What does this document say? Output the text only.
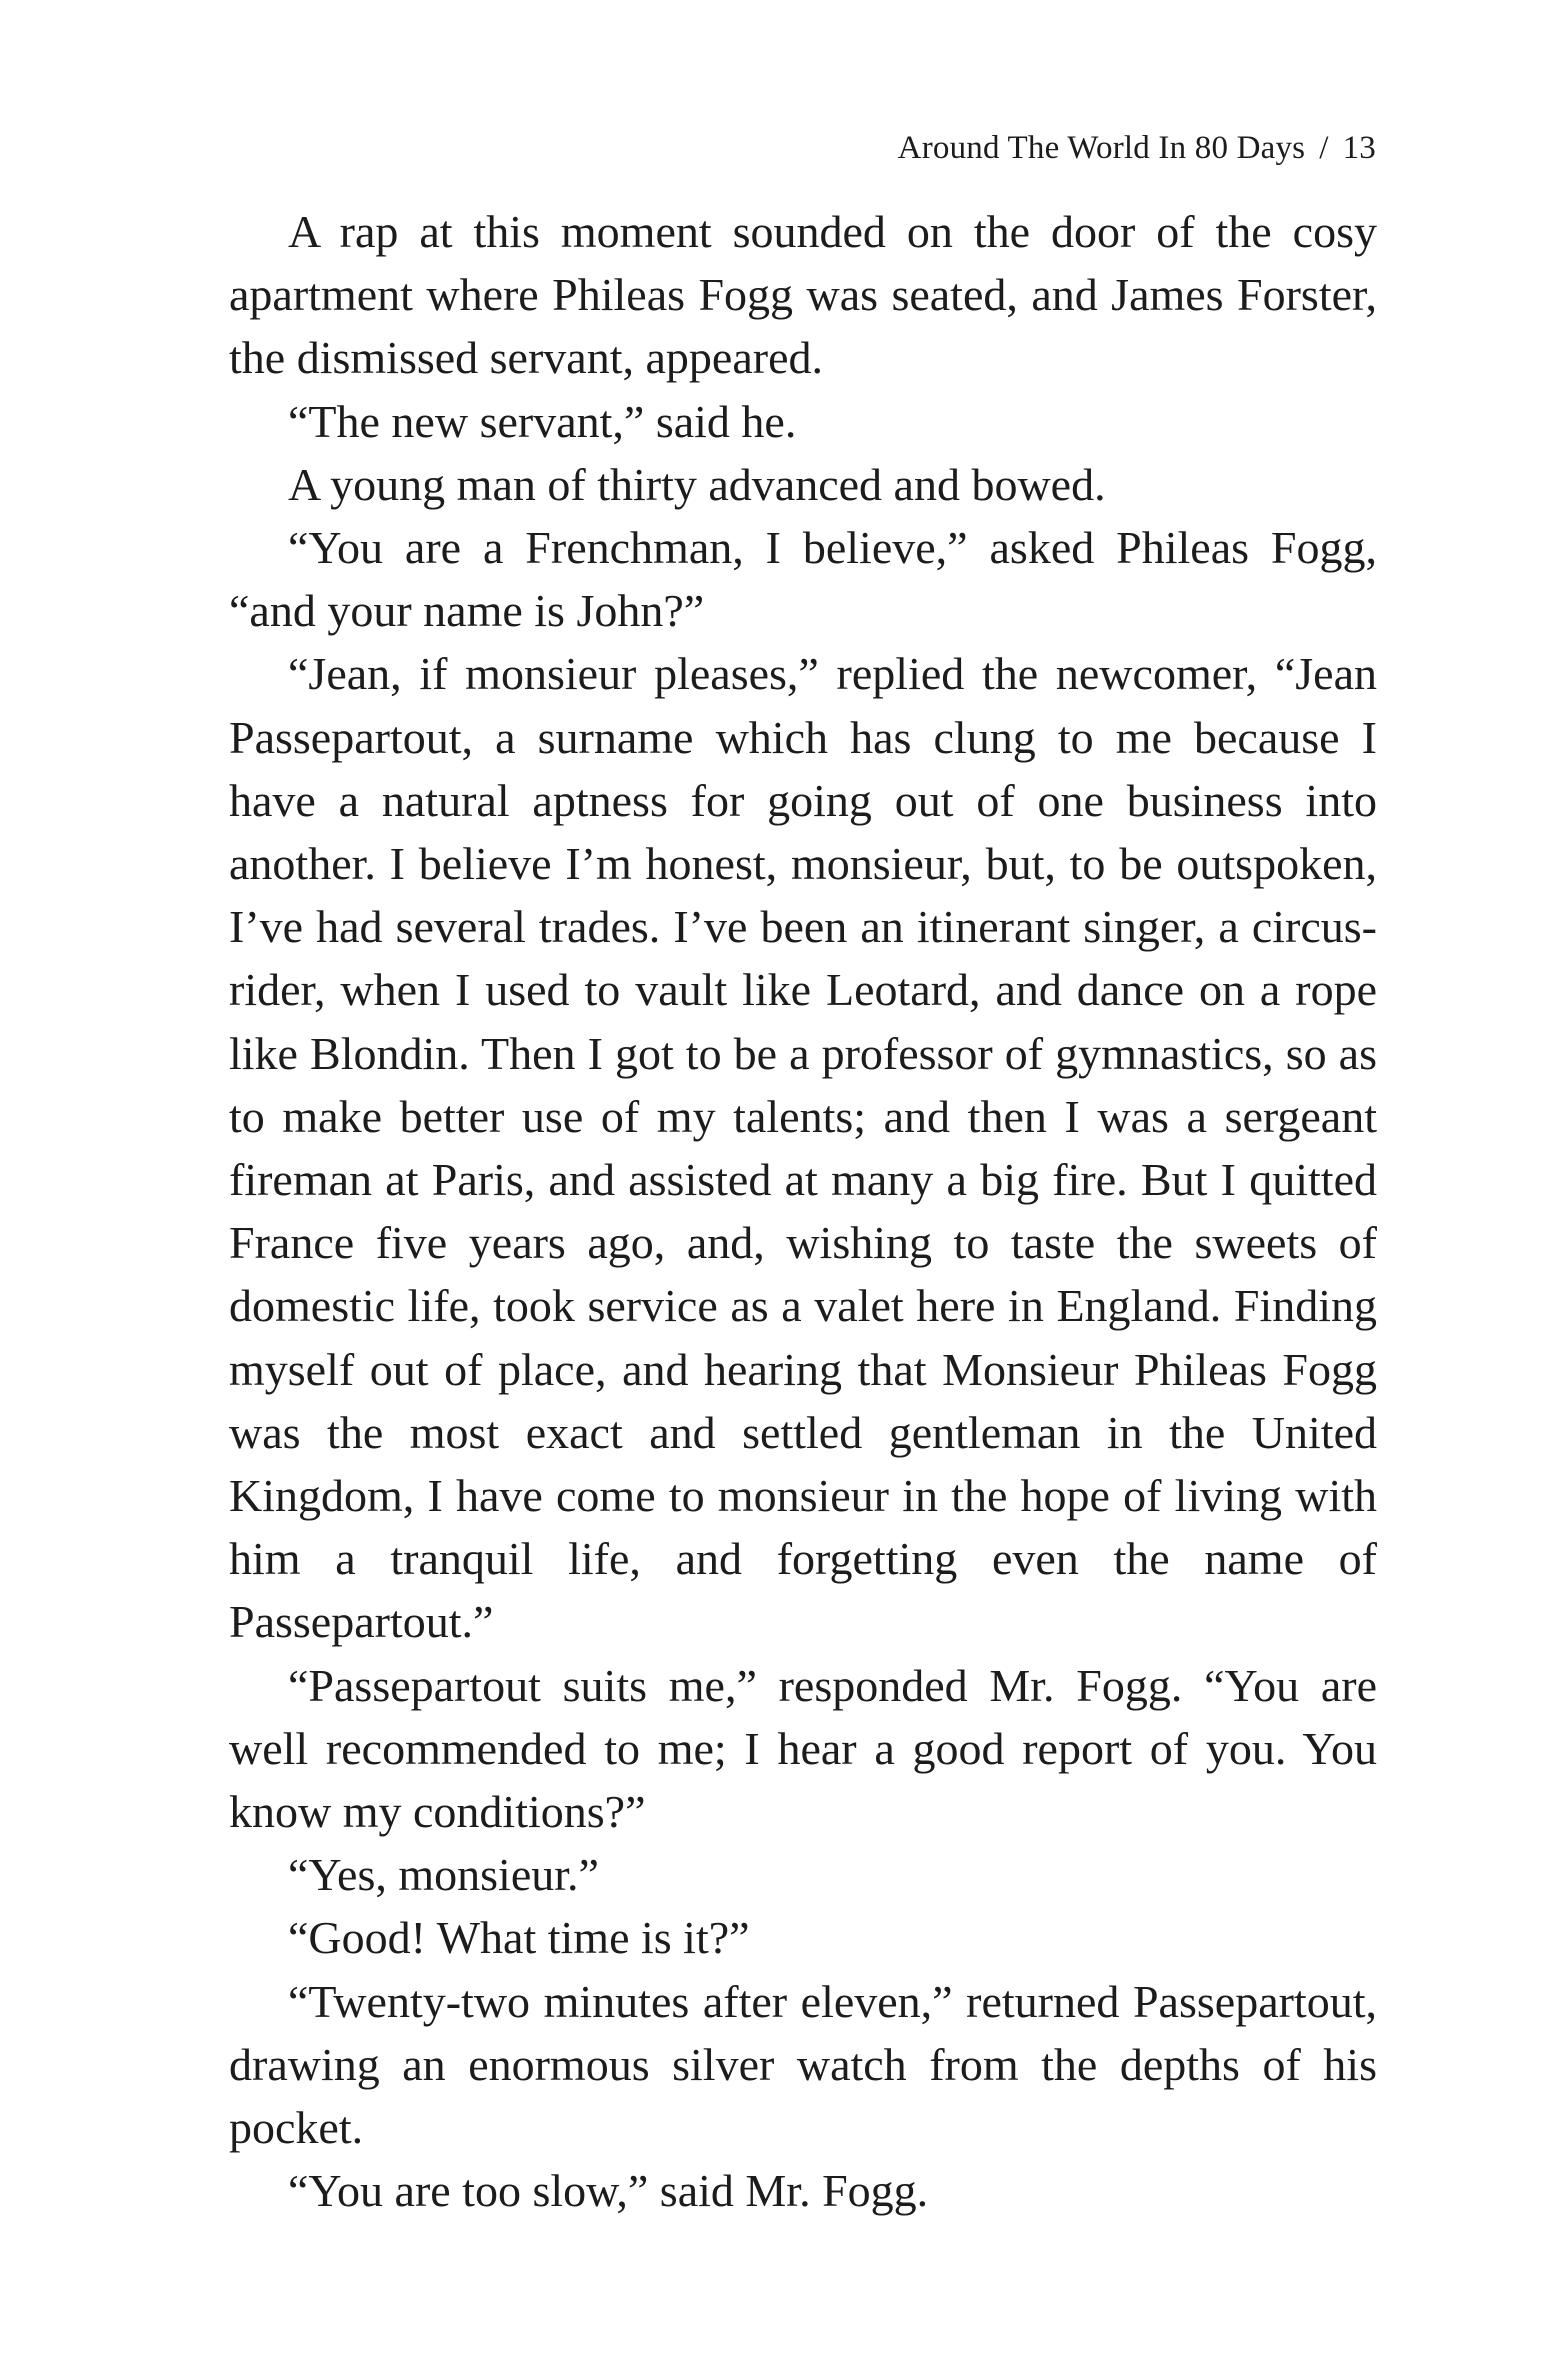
Around The World In 80 Days / 13

A rap at this moment sounded on the door of the cosy apartment where Phileas Fogg was seated, and James Forster, the dismissed servant, appeared.

“The new servant,” said he.

A young man of thirty advanced and bowed.

“You are a Frenchman, I believe,” asked Phileas Fogg, “and your name is John?”

“Jean, if monsieur pleases,” replied the newcomer, “Jean Passepartout, a surname which has clung to me because I have a natural aptness for going out of one business into another. I believe I’m honest, monsieur, but, to be outspoken, I’ve had several trades. I’ve been an itinerant singer, a circus-rider, when I used to vault like Leotard, and dance on a rope like Blondin. Then I got to be a professor of gymnastics, so as to make better use of my talents; and then I was a sergeant fireman at Paris, and assisted at many a big fire. But I quitted France five years ago, and, wishing to taste the sweets of domestic life, took service as a valet here in England. Finding myself out of place, and hearing that Monsieur Phileas Fogg was the most exact and settled gentleman in the United Kingdom, I have come to monsieur in the hope of living with him a tranquil life, and forgetting even the name of Passepartout.”

“Passepartout suits me,” responded Mr. Fogg. “You are well recommended to me; I hear a good report of you. You know my conditions?”

“Yes, monsieur.”

“Good! What time is it?”

“Twenty-two minutes after eleven,” returned Passepartout, drawing an enormous silver watch from the depths of his pocket.

“You are too slow,” said Mr. Fogg.
